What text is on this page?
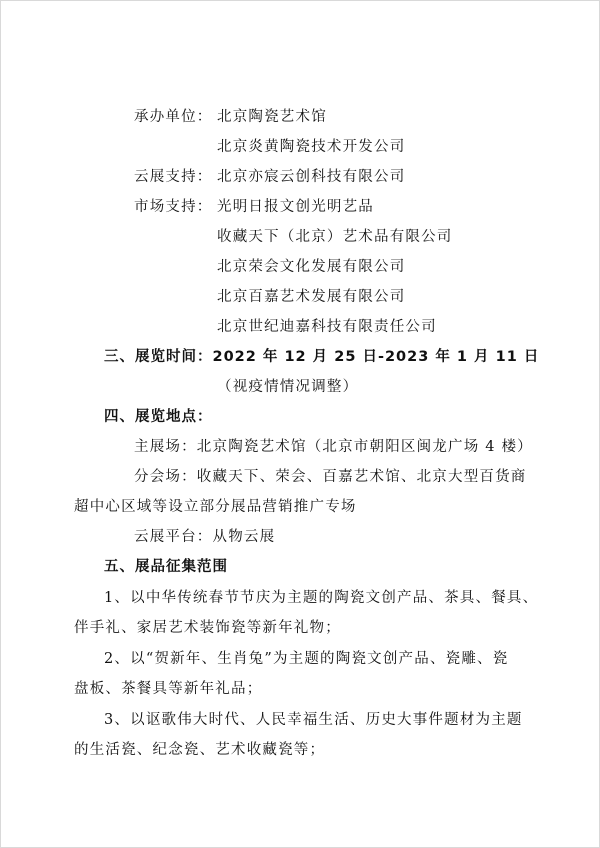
承办单位： 北京陶瓷艺术馆
北京炎黄陶瓷技术开发公司
云展支持： 北京亦宸云创科技有限公司
市场支持： 光明日报文创光明艺品
收藏天下（北京）艺术品有限公司
北京荣会文化发展有限公司
北京百嘉艺术发展有限公司
北京世纪迪嘉科技有限责任公司
三、展览时间：2022 年 12 月 25 日-2023 年 1 月 11 日
（视疫情情况调整）
四、展览地点：
主展场：北京陶瓷艺术馆（北京市朝阳区闽龙广场 4 楼）
分会场：收藏天下、荣会、百嘉艺术馆、北京大型百货商
超中心区域等设立部分展品营销推广专场
云展平台：从物云展
五、展品征集范围
1、以中华传统春节节庆为主题的陶瓷文创产品、茶具、餐具、
伴手礼、家居艺术装饰瓷等新年礼物；
2、以“贺新年、生肖兔”为主题的陶瓷文创产品、瓷雕、瓷
盘板、茶餐具等新年礼品；
3、以讴歌伟大时代、人民幸福生活、历史大事件题材为主题
的生活瓷、纪念瓷、艺术收藏瓷等；
